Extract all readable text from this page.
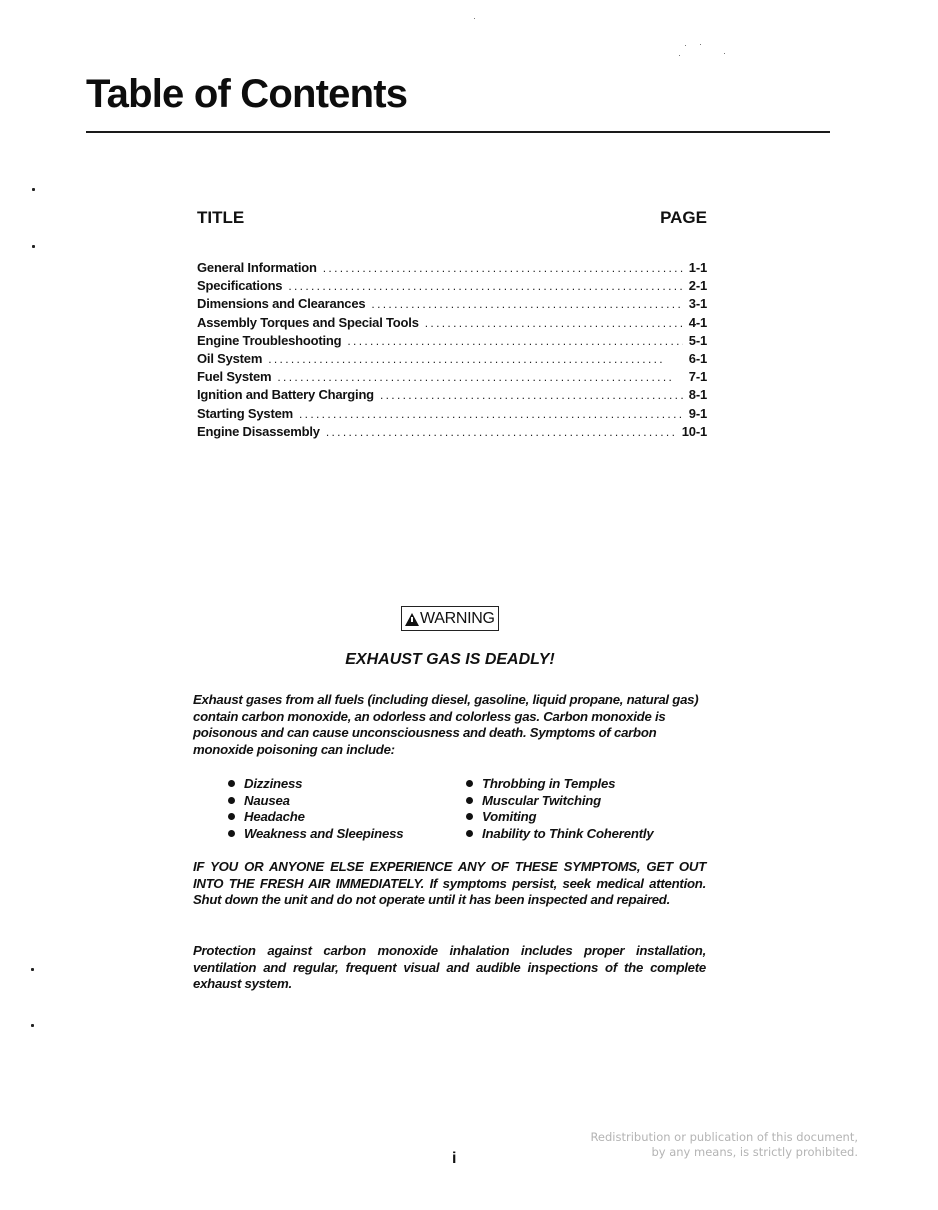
Table of Contents
TITLE	PAGE
General Information . . .	1-1
Specifications . . .	2-1
Dimensions and Clearances . . .	3-1
Assembly Torques and Special Tools . . .	4-1
Engine Troubleshooting . . .	5-1
Oil System . . .	6-1
Fuel System . . .	7-1
Ignition and Battery Charging . . .	8-1
Starting System . . .	9-1
Engine Disassembly . . .	10-1
WARNING
EXHAUST GAS IS DEADLY!

Exhaust gases from all fuels (including diesel, gasoline, liquid propane, natural gas) contain carbon monoxide, an odorless and colorless gas. Carbon monoxide is poisonous and can cause unconsciousness and death. Symptoms of carbon monoxide poisoning can include:

Dizziness	Throbbing in Temples
Nausea	Muscular Twitching
Headache	Vomiting
Weakness and Sleepiness	Inability to Think Coherently

IF YOU OR ANYONE ELSE EXPERIENCE ANY OF THESE SYMPTOMS, GET OUT INTO THE FRESH AIR IMMEDIATELY. If symptoms persist, seek medical attention. Shut down the unit and do not operate until it has been inspected and repaired.

Protection against carbon monoxide inhalation includes proper installation, ventilation and regular, frequent visual and audible inspections of the complete exhaust system.

i
Redistribution or publication of this document,
by any means, is strictly prohibited.
